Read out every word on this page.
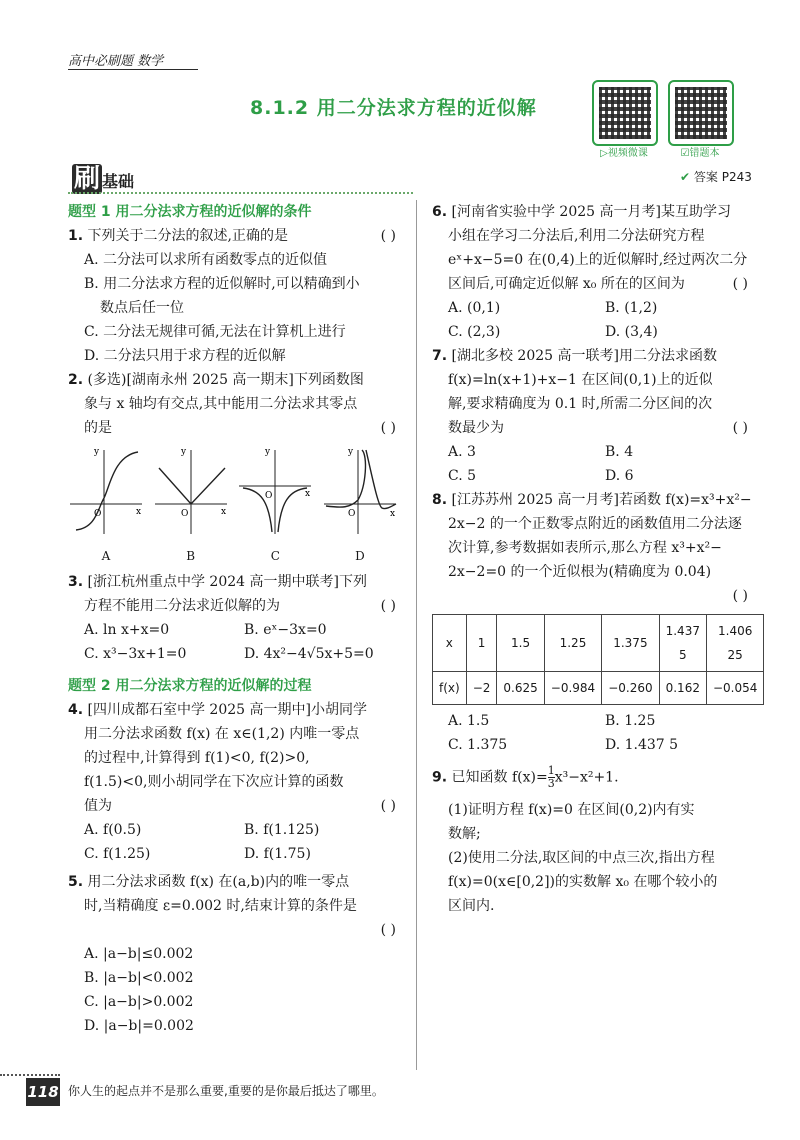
高中必刷题 数学
8.1.2 用二分法求方程的近似解
▷视频微课	☑错题本
刷 基础	✔ 答案 P243

题型 1 用二分法求方程的近似解的条件

1. 下列关于二分法的叙述,正确的是	( )

A. 二分法可以求所有函数零点的近似值

B. 用二分法求方程的近似解时,可以精确到小

数点后任一位

C. 二分法无规律可循,无法在计算机上进行

D. 二分法只用于求方程的近似解

2. (多选)[湖南永州 2025 高一期末]下列函数图

象与 x 轴均有交点,其中能用二分法求其零点

的是	( )

y
x
O
A
y
x
O
B
y
x
O
C
y
x
O
D

3. [浙江杭州重点中学 2024 高一期中联考]下列

方程不能用二分法求近似解的为	( )

A. ln x+x=0	B. eˣ−3x=0
C. x³−3x+1=0	D. 4x²−4√5x+5=0

题型 2 用二分法求方程的近似解的过程

4. [四川成都石室中学 2025 高一期中]小胡同学

用二分法求函数 f(x) 在 x∈(1,2) 内唯一零点

的过程中,计算得到 f(1)<0, f(2)>0,

f(1.5)<0,则小胡同学在下次应计算的函数

值为	( )

A. f(0.5)	B. f(1.125)
C. f(1.25)	D. f(1.75)

5. 用二分法求函数 f(x) 在(a,b)内的唯一零点

时,当精确度 ε=0.002 时,结束计算的条件是

( )

A. |a−b|≤0.002

B. |a−b|<0.002

C. |a−b|>0.002

D. |a−b|=0.002

6. [河南省实验中学 2025 高一月考]某互助学习

小组在学习二分法后,利用二分法研究方程

eˣ+x−5=0 在(0,4)上的近似解时,经过两次二分

区间后,可确定近似解 x₀ 所在的区间为	( )

A. (0,1)	B. (1,2)
C. (2,3)	D. (3,4)

7. [湖北多校 2025 高一联考]用二分法求函数

f(x)=ln(x+1)+x−1 在区间(0,1)上的近似

解,要求精确度为 0.1 时,所需二分区间的次

数最少为	( )

A. 3	B. 4
C. 5	D. 6

8. [江苏苏州 2025 高一月考]若函数 f(x)=x³+x²−

2x−2 的一个正数零点附近的函数值用二分法逐

次计算,参考数据如表所示,那么方程 x³+x²−

2x−2=0 的一个近似根为(精确度为 0.04)

( )

x	1	1.5	1.25	1.375	1.437 5	1.406 25
f(x)	−2	0.625	−0.984	−0.260	0.162	−0.054
A. 1.5	B. 1.25
C. 1.375	D. 1.437 5

9. 已知函数 $f(x)= \frac{1}{3} x^3-x^2+1$.

(1)证明方程 f(x)=0 在区间(0,2)内有实

数解;

(2)使用二分法,取区间的中点三次,指出方程

f(x)=0(x∈[0,2])的实数解 x₀ 在哪个较小的

区间内.

118 你人生的起点并不是那么重要,重要的是你最后抵达了哪里。
